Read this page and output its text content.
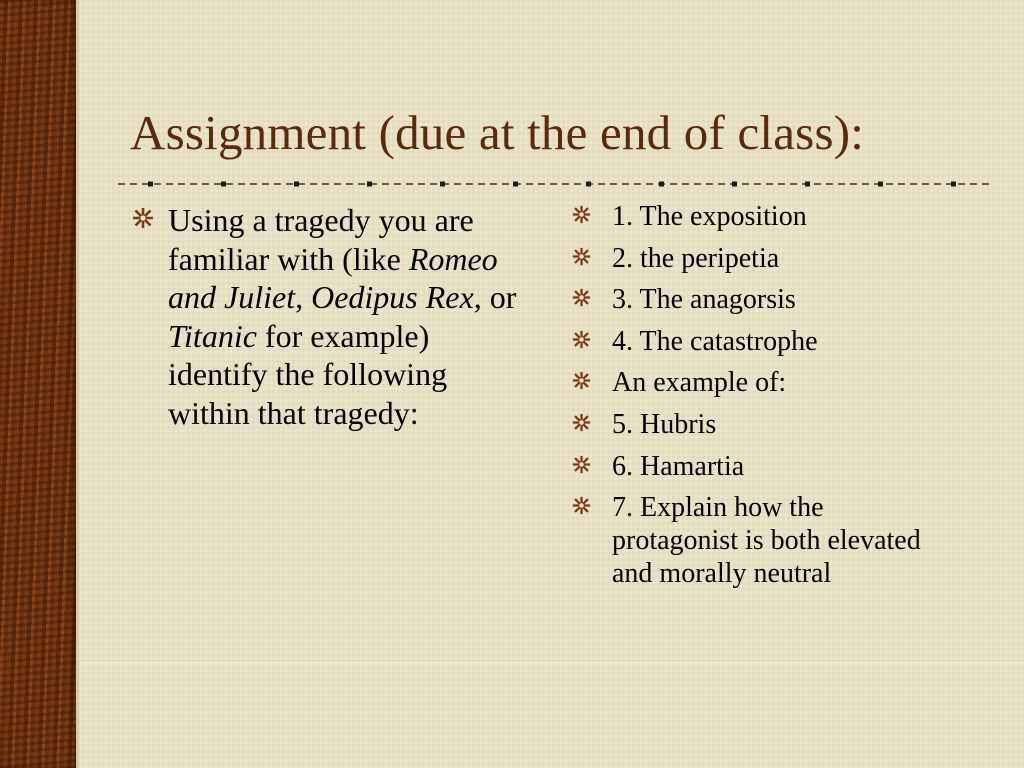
Assignment (due at the end of class):
Using a tragedy you are familiar with (like Romeo and Juliet, Oedipus Rex, or Titanic for example) identify the following within that tragedy:
1. The exposition
2. the peripetia
3. The anagorsis
4. The catastrophe
An example of:
5. Hubris
6. Hamartia
7. Explain how the protagonist is both elevated and morally neutral
